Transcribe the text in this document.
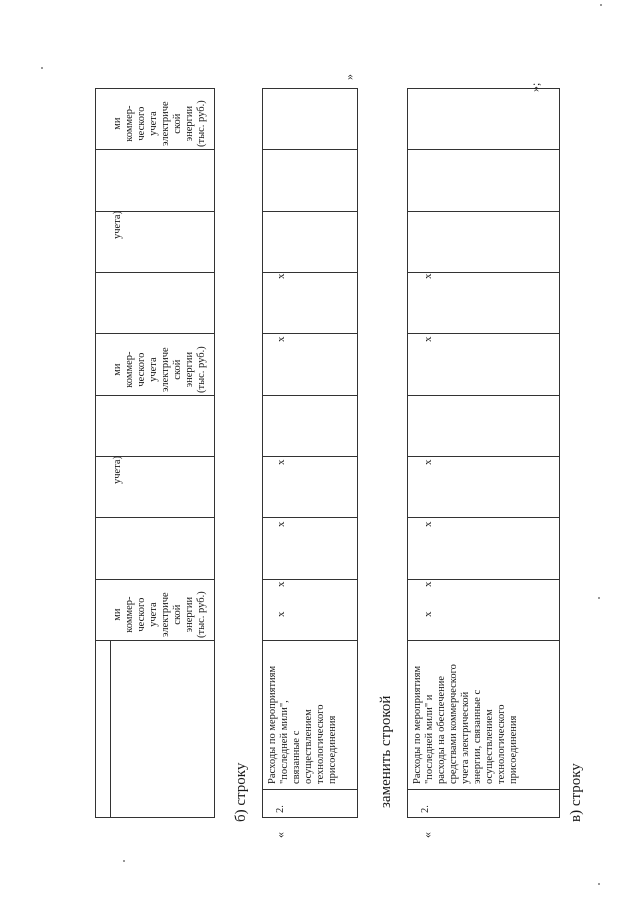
ми
коммер-
ческого
учета
электриче
ской
энергии
(тыс. руб.)
учета)
ми
коммер-
ческого
учета
электриче
ской
энергии
(тыс. руб.)
учета)
ми
коммер-
ческого
учета
электриче
ской
энергии
(тыс. руб.)
б) строку
x
x
x
x
x
x
Расходы по мероприятиям
"последней мили",
связанные с
осуществлением
технологического
присоединения
2.
«
»
заменить строкой
x
x
x
x
x
x
Расходы по мероприятиям
"последней мили" и
расходы на обеспечение
средствами коммерческого
учета электрической
энергии, связанные с
осуществлением
технологического
присоединения
2.
«
»;
в) строку
